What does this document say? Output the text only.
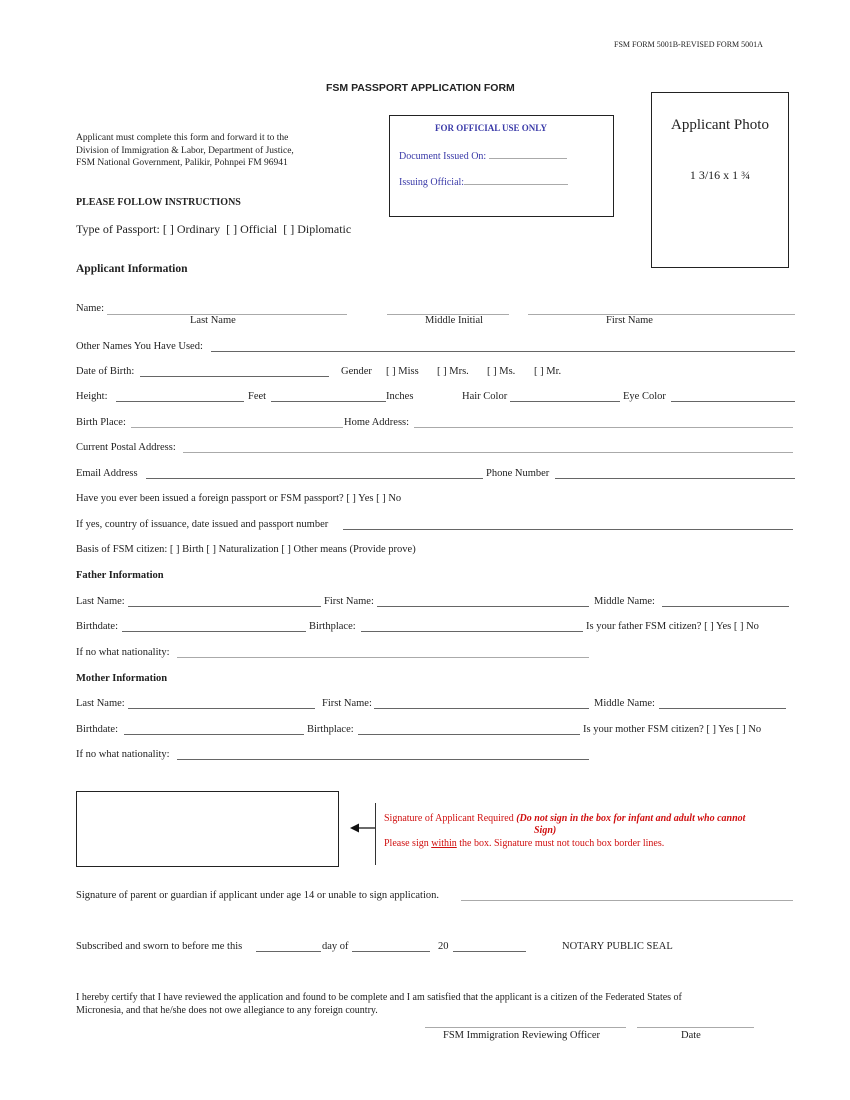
FSM FORM 5001B-REVISED FORM 5001A
FSM PASSPORT APPLICATION FORM
Applicant must complete this form and forward it to the
Division of Immigration & Labor, Department of Justice,
FSM National Government, Palikir, Pohnpei FM 96941
PLEASE FOLLOW INSTRUCTIONS
FOR OFFICIAL USE ONLY
Document Issued On:
Issuing Official:
Applicant Photo
1 3/16 x 1 ¾
Type of Passport: [ ] Ordinary [ ] Official [ ] Diplomatic
Applicant Information
Name:
Last Name	Middle Initial	First Name
Other Names You Have Used:
Date of Birth:	Gender [ ] Miss [ ] Mrs. [ ] Ms. [ ] Mr.
Height:	Feet	Inches	Hair Color	Eye Color
Birth Place:	Home Address:
Current Postal Address:
Email Address	Phone Number
Have you ever been issued a foreign passport or FSM passport? [ ] Yes [ ] No
If yes, country of issuance, date issued and passport number
Basis of FSM citizen: [ ] Birth [ ] Naturalization [ ] Other means (Provide prove)
Father Information
Last Name:	First Name:	Middle Name:
Birthdate:	Birthplace:	Is your father FSM citizen? [ ] Yes [ ] No
If no what nationality:
Mother Information
Last Name:	First Name:	Middle Name:
Birthdate:	Birthplace:	Is your mother FSM citizen? [ ] Yes [ ] No
If no what nationality:
Signature of Applicant Required (Do not sign in the box for infant and adult who cannot
Sign)
Please sign within the box. Signature must not touch box border lines.
Signature of parent or guardian if applicant under age 14 or unable to sign application.
Subscribed and sworn to before me this	day of	20	NOTARY PUBLIC SEAL
I hereby certify that I have reviewed the application and found to be complete and I am satisfied that the applicant is a citizen of the Federated States of
Micronesia, and that he/she does not owe allegiance to any foreign country.
FSM Immigration Reviewing Officer	Date
